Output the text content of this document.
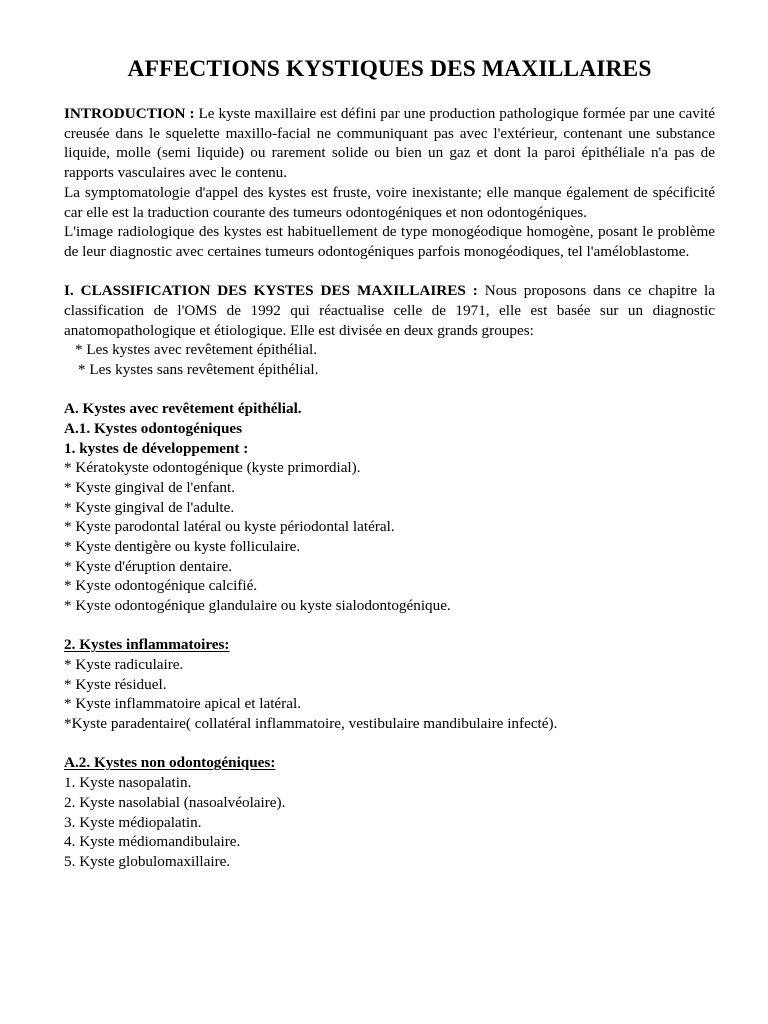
AFFECTIONS KYSTIQUES DES MAXILLAIRES

INTRODUCTION : Le kyste maxillaire est défini par une production pathologique formée par une cavité creusée dans le squelette maxillo-facial ne communiquant pas avec l'extérieur, contenant une substance liquide, molle (semi liquide) ou rarement solide ou bien un gaz et dont la paroi épithéliale n'a pas de rapports vasculaires avec le contenu.

La symptomatologie d'appel des kystes est fruste, voire inexistante; elle manque également de spécificité car elle est la traduction courante des tumeurs odontogéniques et non odontogéniques.

L'image radiologique des kystes est habituellement de type monogéodique homogène, posant le problème de leur diagnostic avec certaines tumeurs odontogéniques parfois monogéodiques, tel l'améloblastome.

I. CLASSIFICATION DES KYSTES DES MAXILLAIRES : Nous proposons dans ce chapitre la classification de l'OMS de 1992 qui réactualise celle de 1971, elle est basée sur un diagnostic anatomopathologique et étiologique. Elle est divisée en deux grands groupes:

* Les kystes avec revêtement épithélial.

* Les kystes sans revêtement épithélial.

A. Kystes avec revêtement épithélial.

A.1. Kystes odontogéniques

1. kystes de développement :

* Kératokyste odontogénique (kyste primordial).

* Kyste gingival de l'enfant.

* Kyste gingival de l'adulte.

* Kyste parodontal latéral ou kyste périodontal latéral.

* Kyste dentigère ou kyste folliculaire.

* Kyste d'éruption dentaire.

* Kyste odontogénique calcifié.

* Kyste odontogénique glandulaire ou kyste sialodontogénique.

2. Kystes inflammatoires:

* Kyste radiculaire.

* Kyste résiduel.

* Kyste inflammatoire apical et latéral.

*Kyste paradentaire( collatéral inflammatoire, vestibulaire mandibulaire infecté).

A.2. Kystes non odontogéniques:

1. Kyste nasopalatin.

2. Kyste nasolabial (nasoalvéolaire).

3. Kyste médiopalatin.

4. Kyste médiomandibulaire.

5. Kyste globulomaxillaire.
